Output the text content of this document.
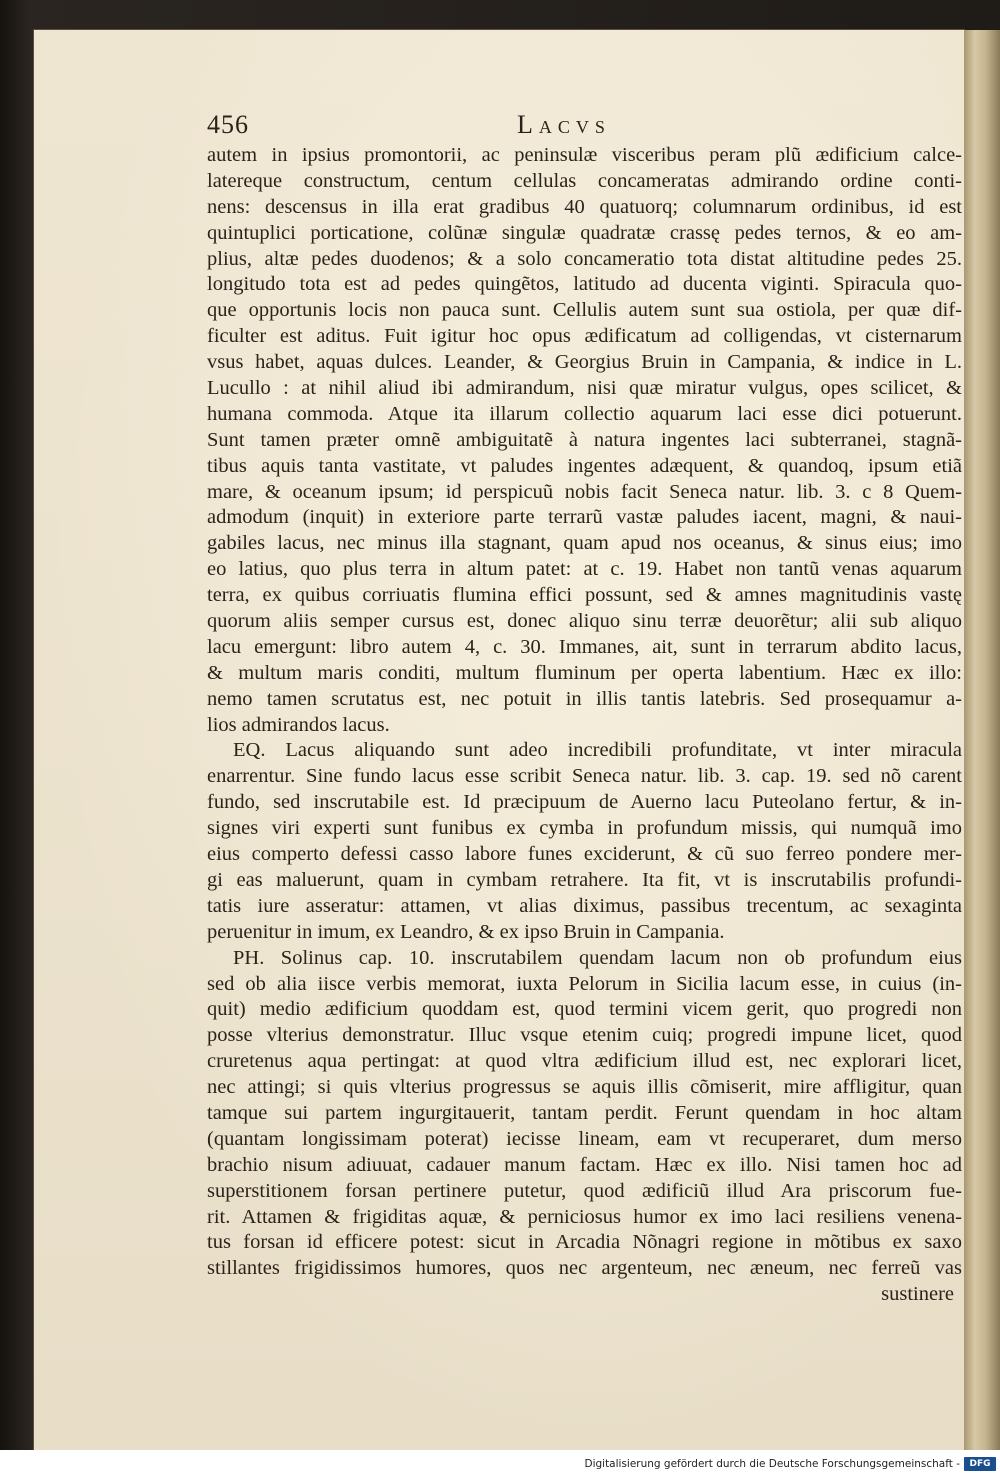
456	Lacvs
autem in ipsius promontorii, ac peninsulæ visceribus peram plũ ædificium calce-
latereque constructum, centum cellulas concameratas admirando ordine conti-
nens: descensus in illa erat gradibus 40 quatuorq; columnarum ordinibus, id est
quintuplici porticatione, colũnæ singulæ quadratæ crassę pedes ternos, & eo am-
plius, altæ pedes duodenos; & a solo concameratio tota distat altitudine pedes 25.
longitudo tota est ad pedes quingẽtos, latitudo ad ducenta viginti. Spiracula quo-
que opportunis locis non pauca sunt. Cellulis autem sunt sua ostiola, per quæ dif-
ficulter est aditus. Fuit igitur hoc opus ædificatum ad colligendas, vt cisternarum
vsus habet, aquas dulces. Leander, & Georgius Bruin in Campania, & indice in L.
Lucullo : at nihil aliud ibi admirandum, nisi quæ miratur vulgus, opes scilicet, &
humana commoda. Atque ita illarum collectio aquarum laci esse dici potuerunt.
Sunt tamen præter omnẽ ambiguitatẽ à natura ingentes laci subterranei, stagnã-
tibus aquis tanta vastitate, vt paludes ingentes adæquent, & quandoq, ipsum etiã
mare, & oceanum ipsum; id perspicuũ nobis facit Seneca natur. lib. 3. c 8 Quem-
admodum (inquit) in exteriore parte terrarũ vastæ paludes iacent, magni, & naui-
gabiles lacus, nec minus illa stagnant, quam apud nos oceanus, & sinus eius; imo
eo latius, quo plus terra in altum patet: at c. 19. Habet non tantũ venas aquarum
terra, ex quibus corriuatis flumina effici possunt, sed & amnes magnitudinis vastę
quorum aliis semper cursus est, donec aliquo sinu terræ deuorẽtur; alii sub aliquo
lacu emergunt: libro autem 4, c. 30. Immanes, ait, sunt in terrarum abdito lacus,
& multum maris conditi, multum fluminum per operta labentium. Hæc ex illo:
nemo tamen scrutatus est, nec potuit in illis tantis latebris. Sed prosequamur a-
lios admirandos lacus.
EQ. Lacus aliquando sunt adeo incredibili profunditate, vt inter miracula
enarrentur. Sine fundo lacus esse scribit Seneca natur. lib. 3. cap. 19. sed nõ carent
fundo, sed inscrutabile est. Id præcipuum de Auerno lacu Puteolano fertur, & in-
signes viri experti sunt funibus ex cymba in profundum missis, qui numquã imo
eius comperto defessi casso labore funes exciderunt, & cũ suo ferreo pondere mer-
gi eas maluerunt, quam in cymbam retrahere. Ita fit, vt is inscrutabilis profundi-
tatis iure asseratur: attamen, vt alias diximus, passibus trecentum, ac sexaginta
peruenitur in imum, ex Leandro, & ex ipso Bruin in Campania.
PH. Solinus cap. 10. inscrutabilem quendam lacum non ob profundum eius
sed ob alia iisce verbis memorat, iuxta Pelorum in Sicilia lacum esse, in cuius (in-
quit) medio ædificium quoddam est, quod termini vicem gerit, quo progredi non
posse vlterius demonstratur. Illuc vsque etenim cuiq; progredi impune licet, quod
cruretenus aqua pertingat: at quod vltra ædificium illud est, nec explorari licet,
nec attingi; si quis vlterius progressus se aquis illis cõmiserit, mire affligitur, quan
tamque sui partem ingurgitauerit, tantam perdit. Ferunt quendam in hoc altam
(quantam longissimam poterat) iecisse lineam, eam vt recuperaret, dum merso
brachio nisum adiuuat, cadauer manum factam. Hæc ex illo. Nisi tamen hoc ad
superstitionem forsan pertinere putetur, quod ædificiũ illud Ara priscorum fue-
rit. Attamen & frigiditas aquæ, & perniciosus humor ex imo laci resiliens venena-
tus forsan id efficere potest: sicut in Arcadia Nõnagri regione in mõtibus ex saxo
stillantes frigidissimos humores, quos nec argenteum, nec æneum, nec ferreũ vas
sustinere
Digitalisierung gefördert durch die Deutsche Forschungsgemeinschaft -	DFG
